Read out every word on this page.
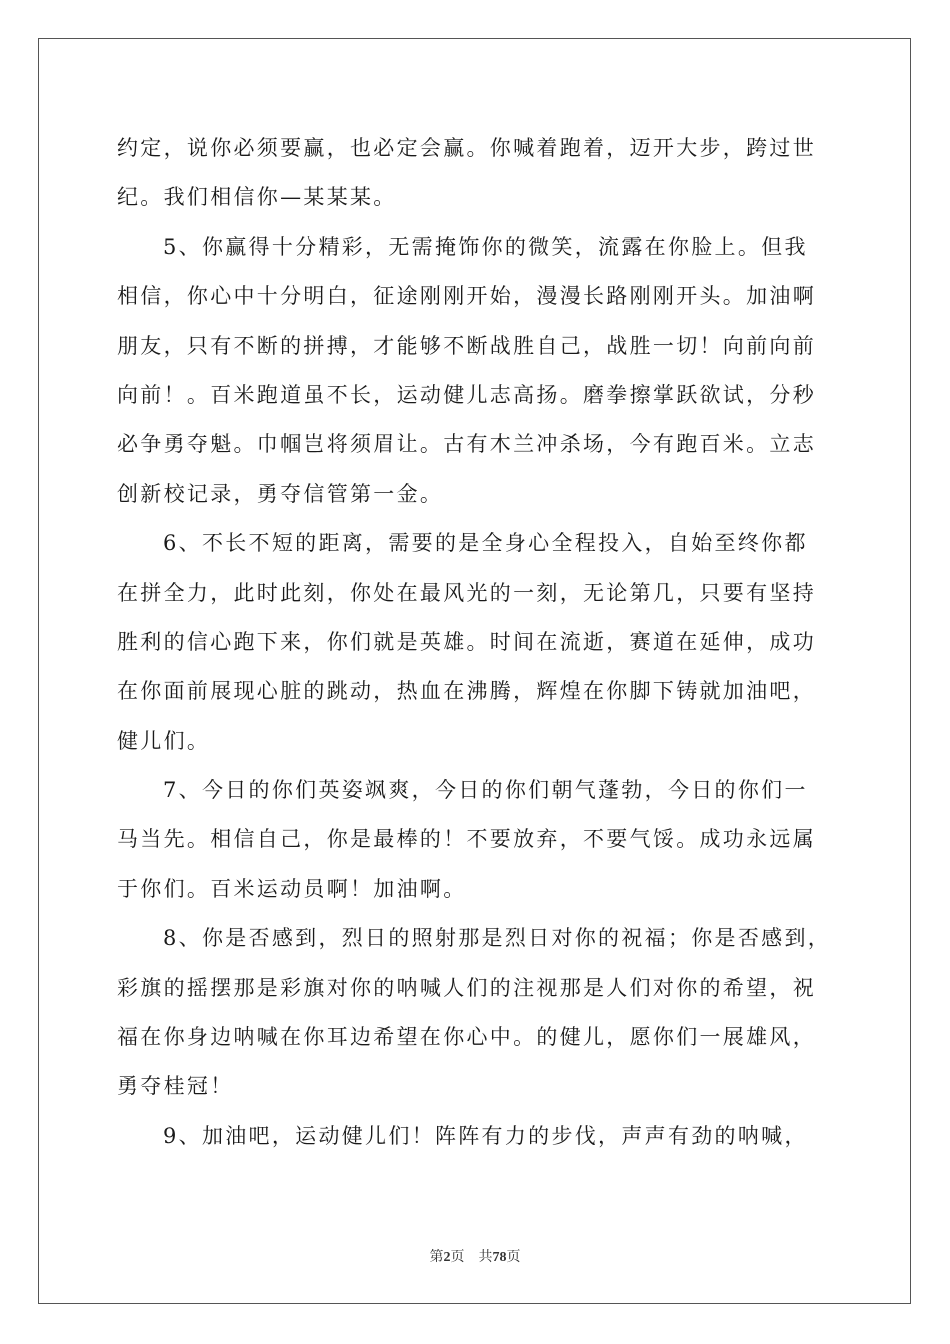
约定，说你必须要赢，也必定会赢。你喊着跑着，迈开大步，跨过世
纪。我们相信你—某某某。
5、你赢得十分精彩，无需掩饰你的微笑，流露在你脸上。但我
相信，你心中十分明白，征途刚刚开始，漫漫长路刚刚开头。加油啊
朋友，只有不断的拼搏，才能够不断战胜自己，战胜一切！向前向前
向前！。百米跑道虽不长，运动健儿志高扬。磨拳擦掌跃欲试，分秒
必争勇夺魁。巾帼岂将须眉让。古有木兰冲杀场，今有跑百米。立志
创新校记录，勇夺信管第一金。
6、不长不短的距离，需要的是全身心全程投入，自始至终你都
在拼全力，此时此刻，你处在最风光的一刻，无论第几，只要有坚持
胜利的信心跑下来，你们就是英雄。时间在流逝，赛道在延伸，成功
在你面前展现心脏的跳动，热血在沸腾，辉煌在你脚下铸就加油吧，
健儿们。
7、今日的你们英姿飒爽，今日的你们朝气蓬勃，今日的你们一
马当先。相信自己，你是最棒的！不要放弃，不要气馁。成功永远属
于你们。百米运动员啊！加油啊。
8、你是否感到，烈日的照射那是烈日对你的祝福；你是否感到，
彩旗的摇摆那是彩旗对你的呐喊人们的注视那是人们对你的希望，祝
福在你身边呐喊在你耳边希望在你心中。的健儿，愿你们一展雄风，
勇夺桂冠！
9、加油吧，运动健儿们！阵阵有力的步伐，声声有劲的呐喊，
第2页 共78页
